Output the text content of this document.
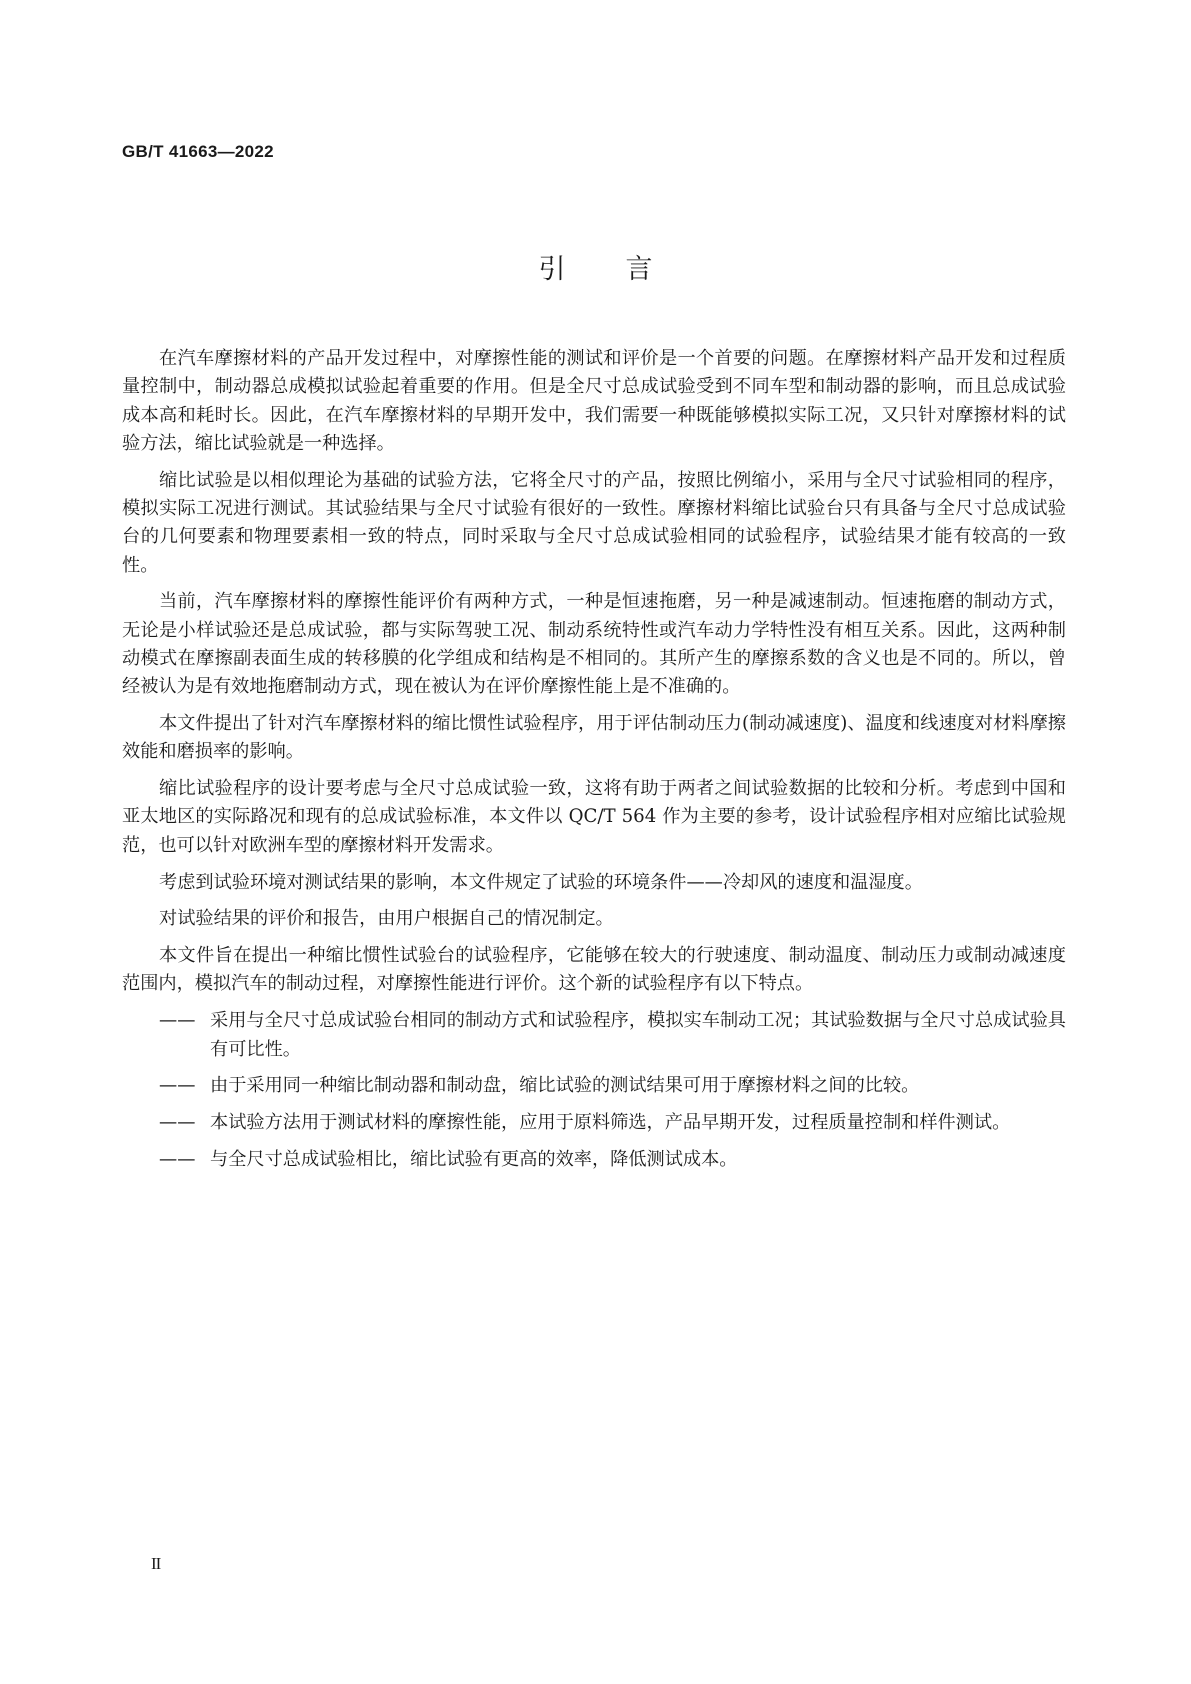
GB/T 41663—2022
引言

在汽车摩擦材料的产品开发过程中，对摩擦性能的测试和评价是一个首要的问题。在摩擦材料产品开发和过程质量控制中，制动器总成模拟试验起着重要的作用。但是全尺寸总成试验受到不同车型和制动器的影响，而且总成试验成本高和耗时长。因此，在汽车摩擦材料的早期开发中，我们需要一种既能够模拟实际工况，又只针对摩擦材料的试验方法，缩比试验就是一种选择。

缩比试验是以相似理论为基础的试验方法，它将全尺寸的产品，按照比例缩小，采用与全尺寸试验相同的程序，模拟实际工况进行测试。其试验结果与全尺寸试验有很好的一致性。摩擦材料缩比试验台只有具备与全尺寸总成试验台的几何要素和物理要素相一致的特点，同时采取与全尺寸总成试验相同的试验程序，试验结果才能有较高的一致性。

当前，汽车摩擦材料的摩擦性能评价有两种方式，一种是恒速拖磨，另一种是减速制动。恒速拖磨的制动方式，无论是小样试验还是总成试验，都与实际驾驶工况、制动系统特性或汽车动力学特性没有相互关系。因此，这两种制动模式在摩擦副表面生成的转移膜的化学组成和结构是不相同的。其所产生的摩擦系数的含义也是不同的。所以，曾经被认为是有效地拖磨制动方式，现在被认为在评价摩擦性能上是不准确的。

本文件提出了针对汽车摩擦材料的缩比惯性试验程序，用于评估制动压力(制动减速度)、温度和线速度对材料摩擦效能和磨损率的影响。

缩比试验程序的设计要考虑与全尺寸总成试验一致，这将有助于两者之间试验数据的比较和分析。考虑到中国和亚太地区的实际路况和现有的总成试验标准，本文件以 QC/T 564 作为主要的参考，设计试验程序相对应缩比试验规范，也可以针对欧洲车型的摩擦材料开发需求。

考虑到试验环境对测试结果的影响，本文件规定了试验的环境条件——冷却风的速度和温湿度。

对试验结果的评价和报告，由用户根据自己的情况制定。

本文件旨在提出一种缩比惯性试验台的试验程序，它能够在较大的行驶速度、制动温度、制动压力或制动减速度范围内，模拟汽车的制动过程，对摩擦性能进行评价。这个新的试验程序有以下特点。

—— 采用与全尺寸总成试验台相同的制动方式和试验程序，模拟实车制动工况；其试验数据与全尺寸总成试验具有可比性。
—— 由于采用同一种缩比制动器和制动盘，缩比试验的测试结果可用于摩擦材料之间的比较。
—— 本试验方法用于测试材料的摩擦性能，应用于原料筛选，产品早期开发，过程质量控制和样件测试。
—— 与全尺寸总成试验相比，缩比试验有更高的效率，降低测试成本。
II
